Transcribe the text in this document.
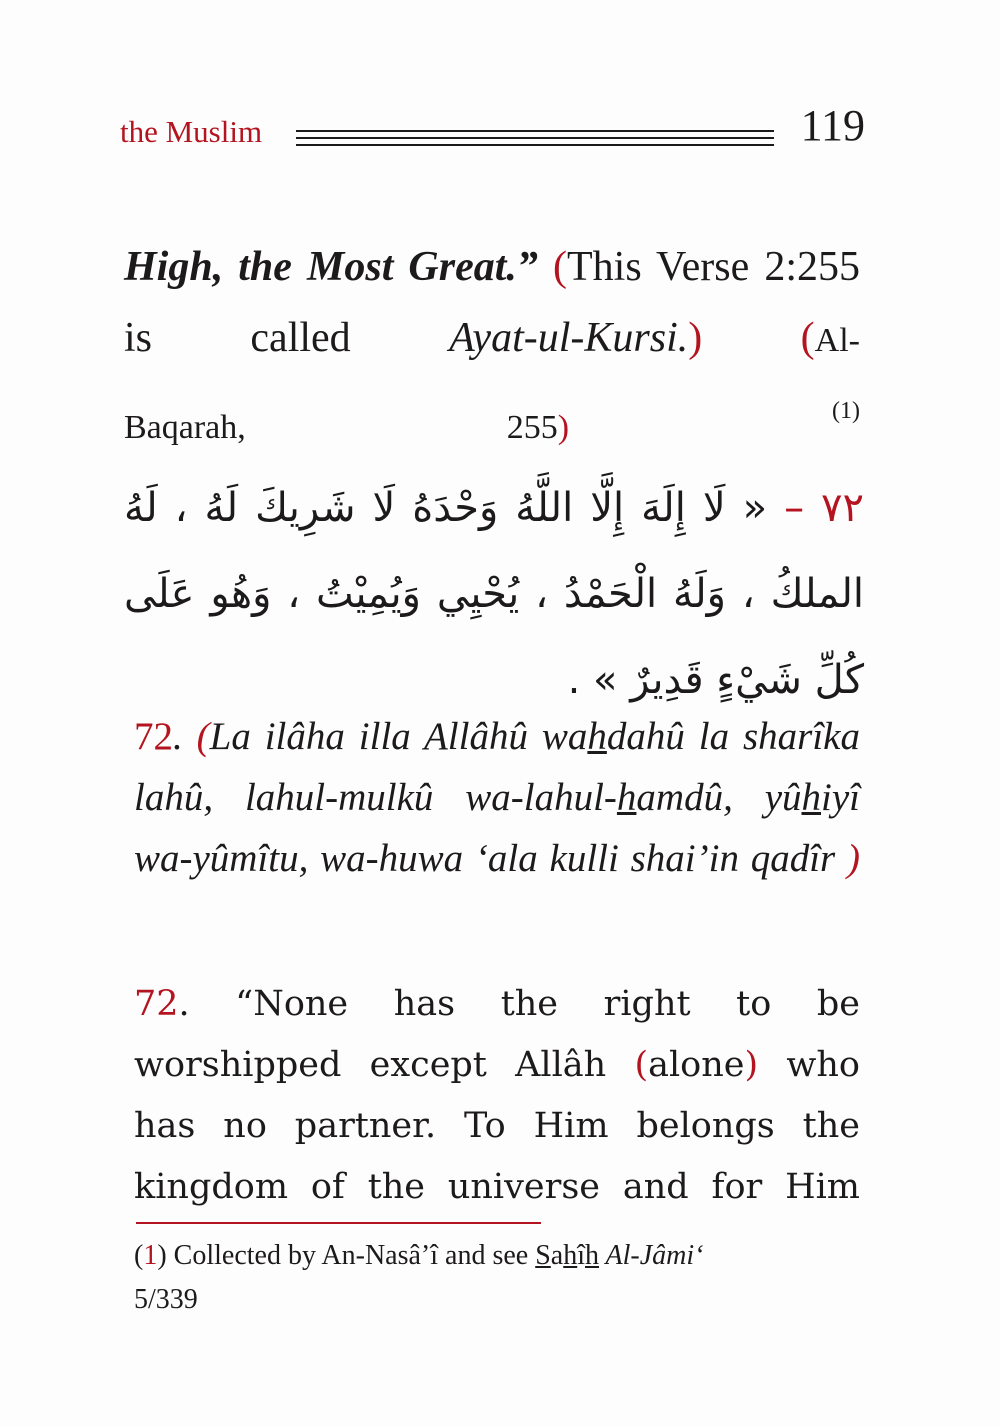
the Muslim	119
High, the Most Great.” (This Verse 2:255 is called Ayat-ul-Kursi.) (Al-
Baqarah, 255)	$^{(1)}$
٧٢ – « لَا إِلَهَ إِلَّا اللَّهُ وَحْدَهُ لَا شَرِيكَ لَهُ ، لَهُ الملكُ ، وَلَهُ الْحَمْدُ ، يُحْيِي وَيُمِيْتُ ، وَهُو عَلَى كُلِّ شَيْءٍ قَدِيرٌ » .
72. (La ilâha illa Allâhû wahdahû la sharîka lahû, lahul-mulkû wa-lahul-hamdû, yûhiyî wa-yûmîtu, wa-huwa ‘ala kulli shai’in qadîr )
72. “None has the right to be worshipped except Allâh (alone) who has no partner. To Him belongs the kingdom of the universe and for Him
(1) Collected by An-Nasâ’î and see Sahîh Al-Jâmi‘
5/339
